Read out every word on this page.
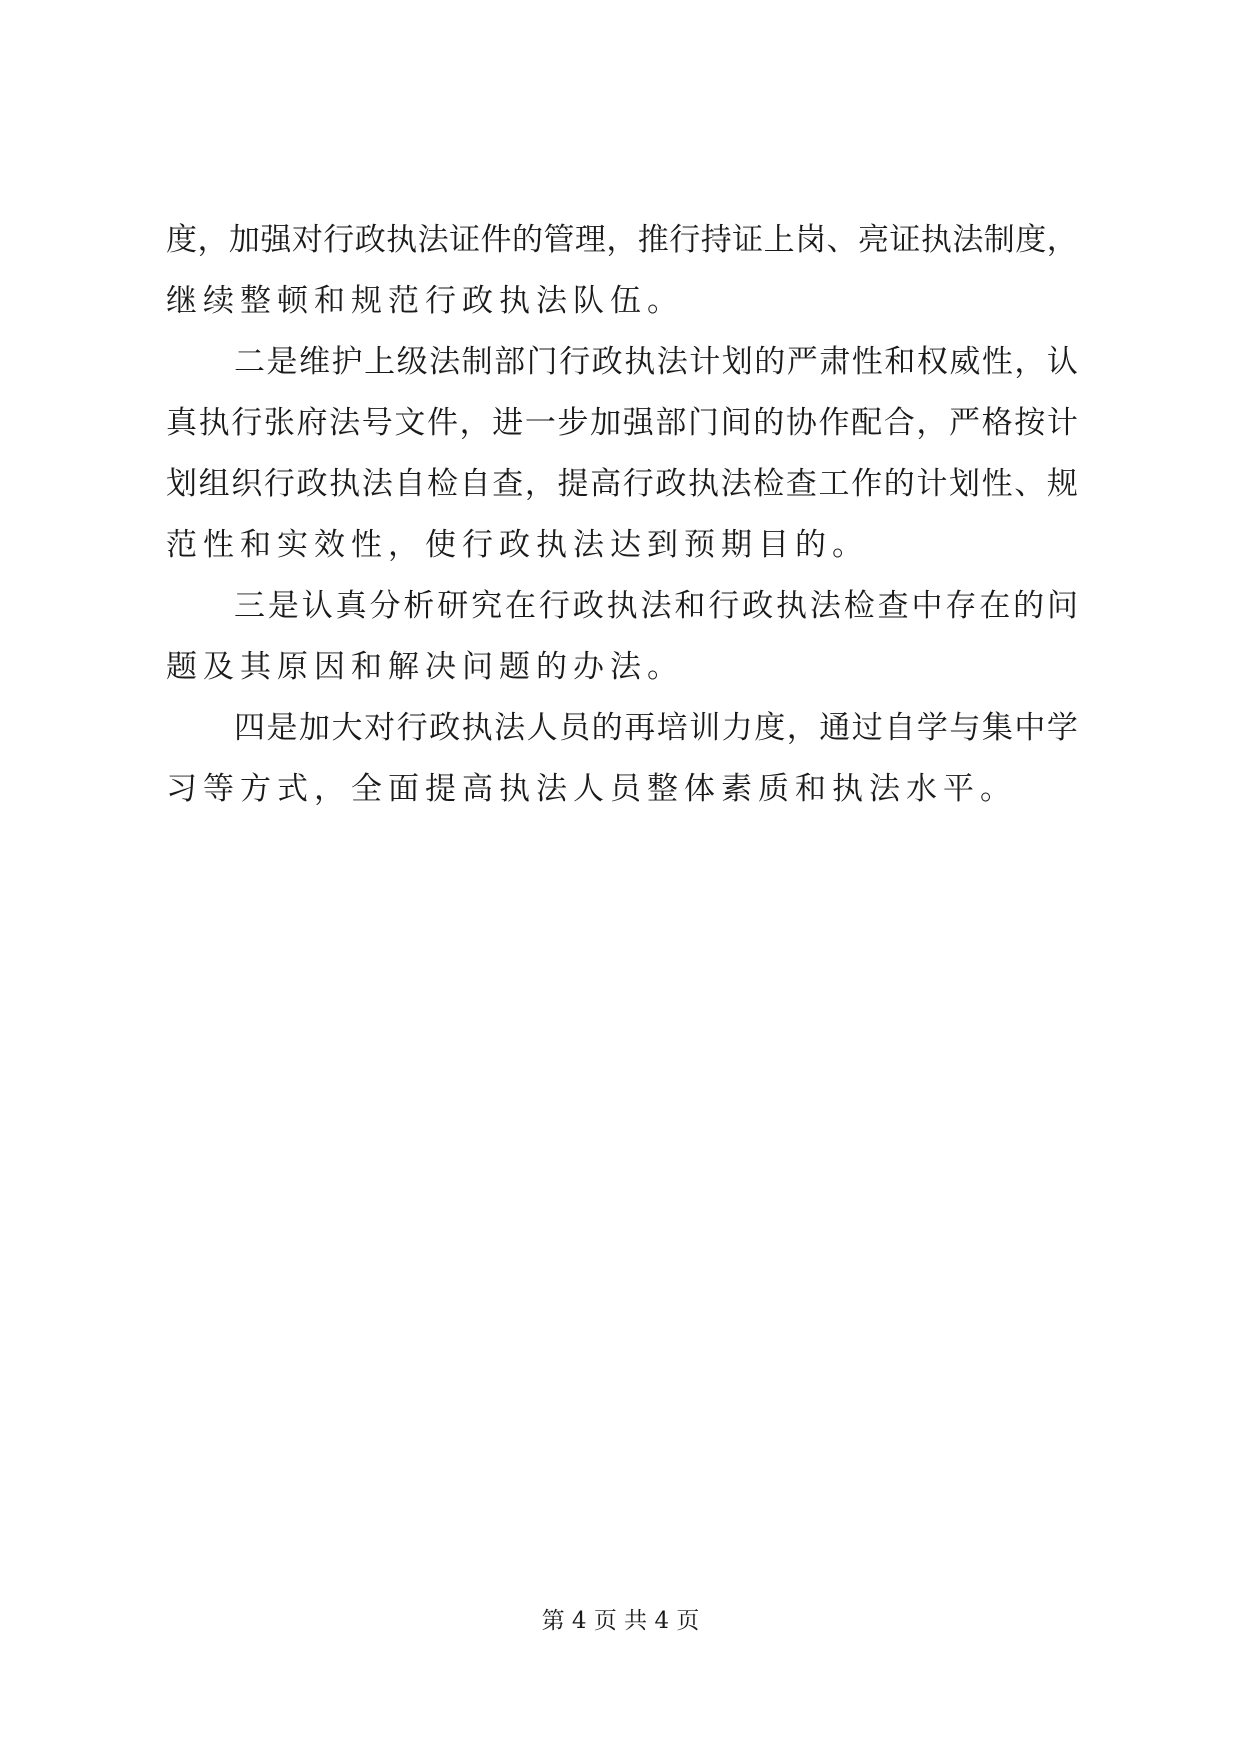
度 ， 加 强 对 行 政 执 法 证 件 的 管 理 ， 推 行 持 证 上 岗 、 亮 证 执 法 制 度 ，
继续整顿和规范行政执法队伍。
二 是 维 护 上 级 法 制 部 门 行 政 执 法 计 划 的 严 肃 性 和 权 威 性 ， 认
真 执 行 张 府 法 号 文 件 ， 进 一 步 加 强 部 门 间 的 协 作 配 合 ， 严 格 按 计
划 组 织 行 政 执 法 自 检 自 查 ， 提 高 行 政 执 法 检 查 工 作 的 计 划 性 、 规
范性和实效性，使行政执法达到预期目的。
三 是 认 真 分 析 研 究 在 行 政 执 法 和 行 政 执 法 检 查 中 存 在 的 问
题及其原因和解决问题的办法。
四 是 加 大 对 行 政 执 法 人 员 的 再 培 训 力 度 ， 通 过 自 学 与 集 中 学
习等方式，全面提高执法人员整体素质和执法水平。
第 4 页 共 4 页
